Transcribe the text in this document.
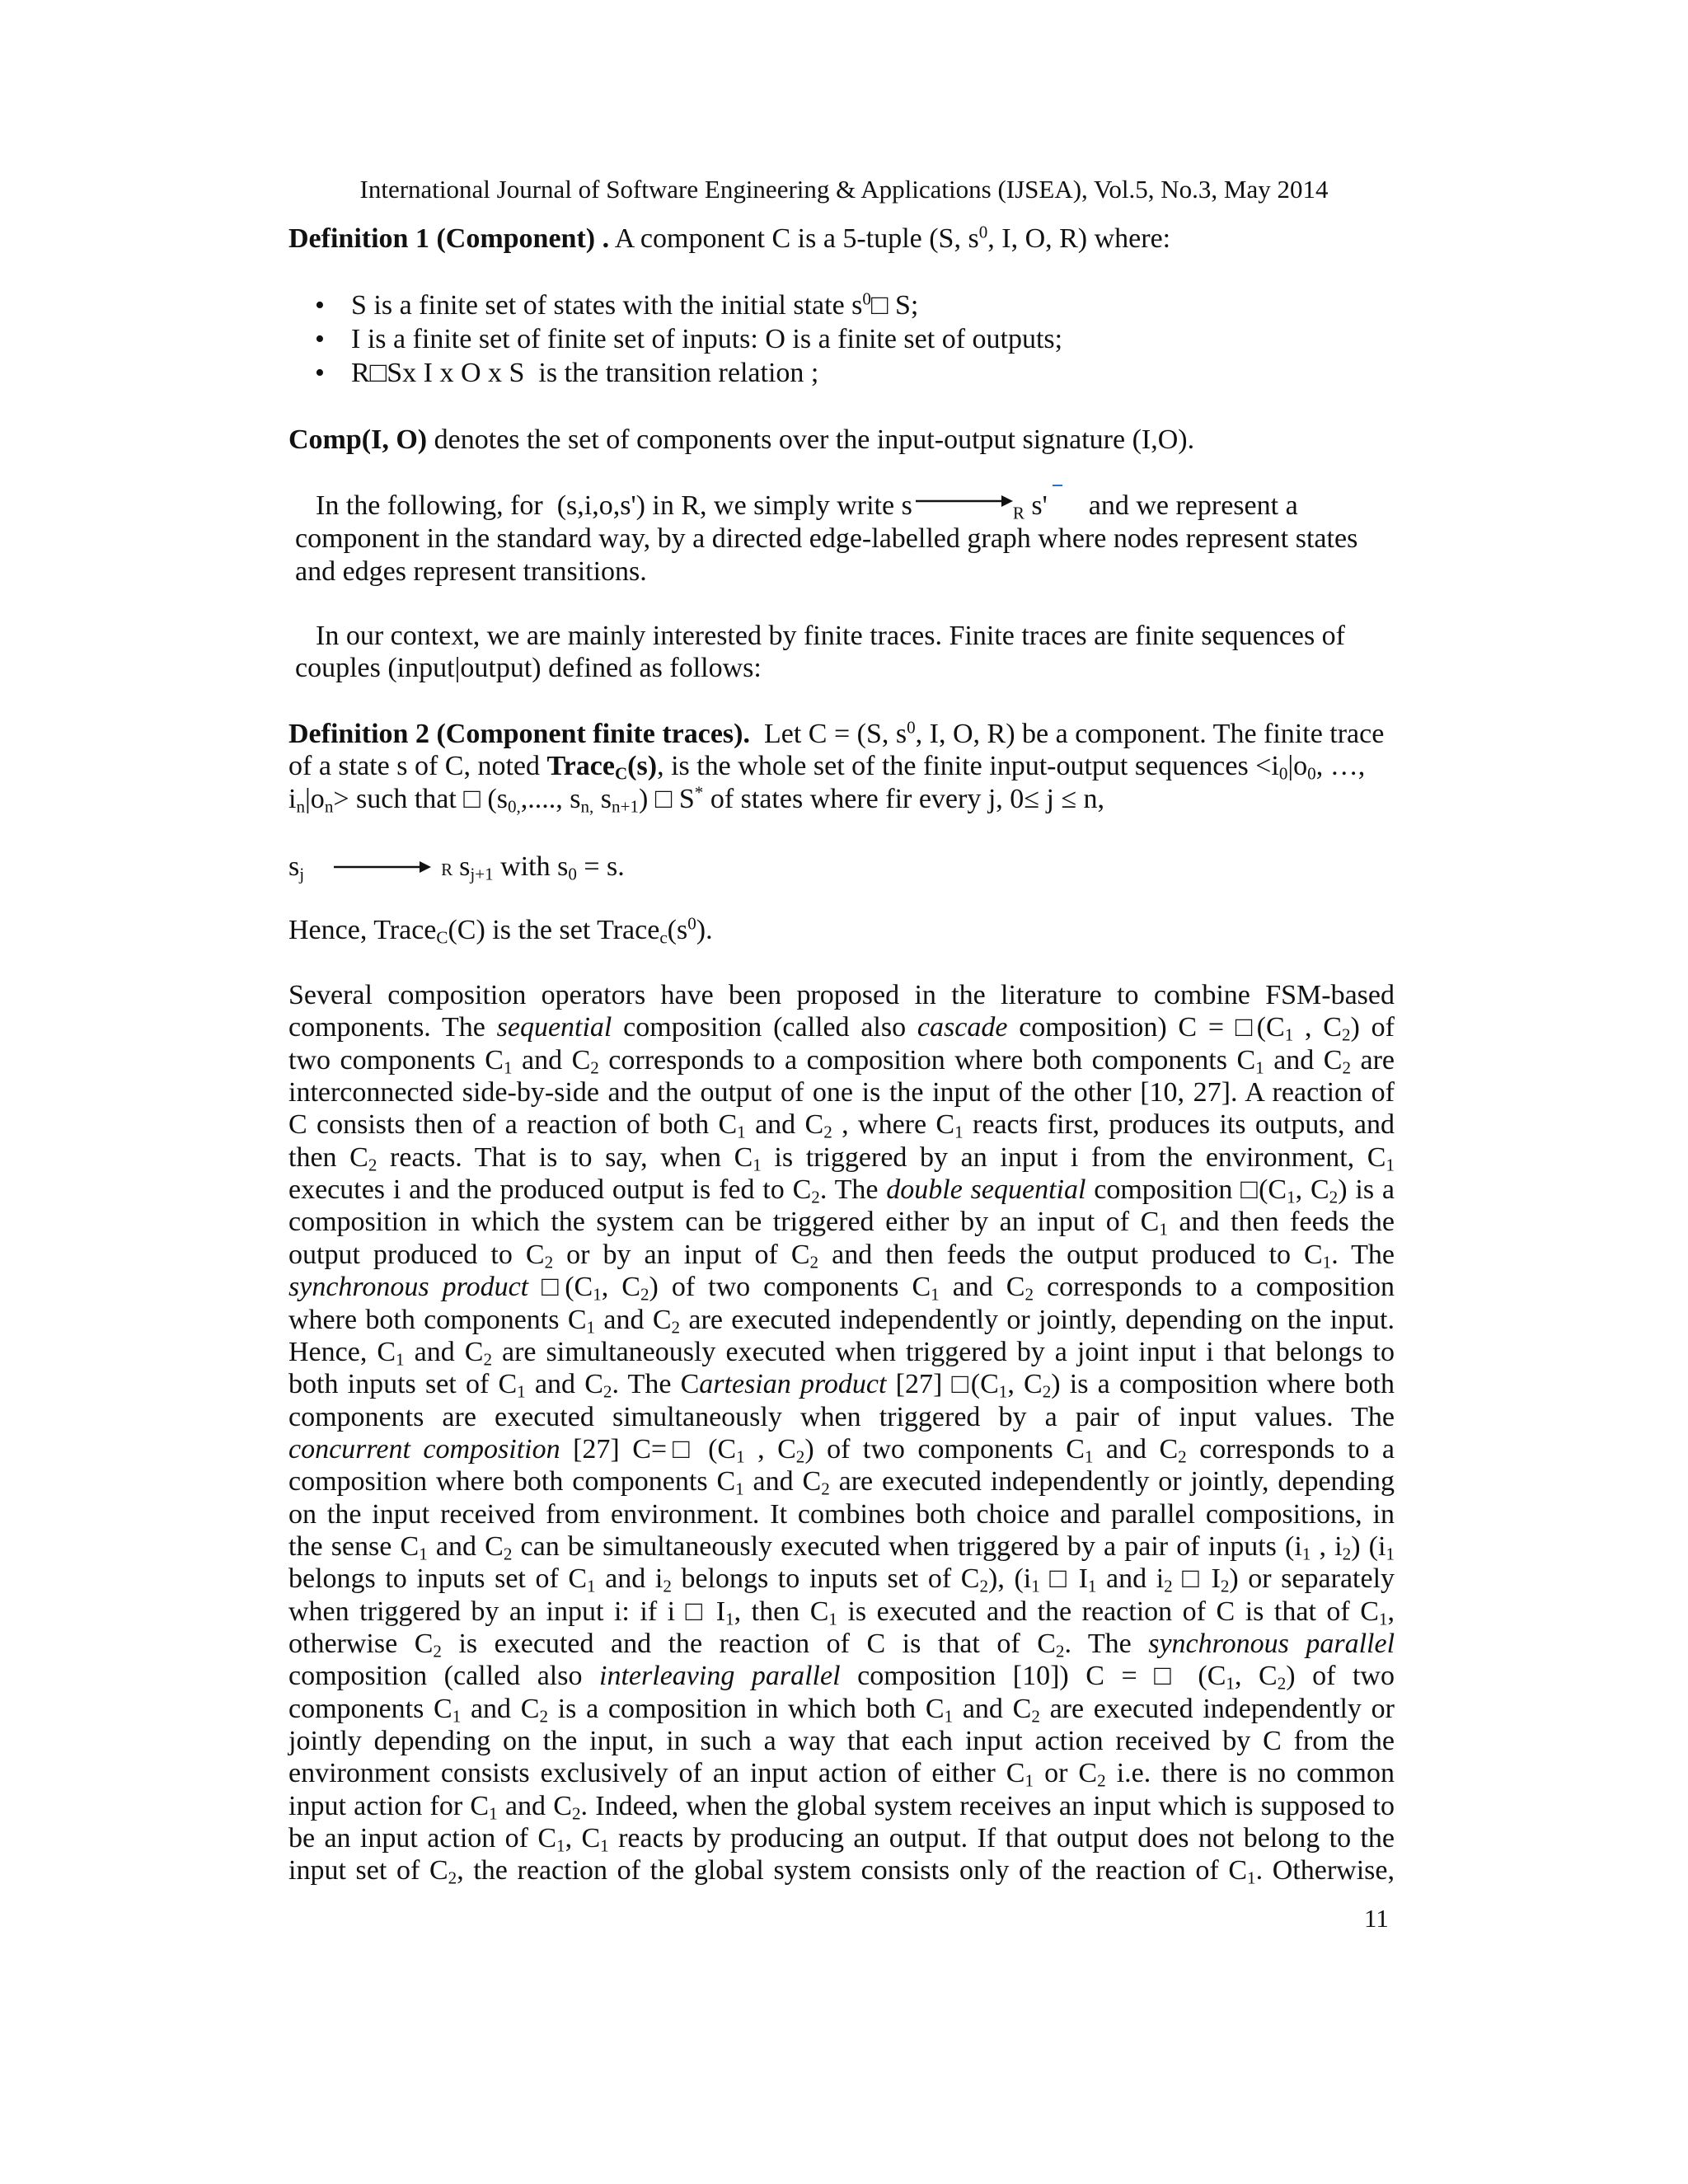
International Journal of Software Engineering & Applications (IJSEA), Vol.5, No.3, May 2014
Definition 1 (Component) . A component C is a 5-tuple (S, $s^0$, I, O, R) where:
• S is a finite set of states with the initial state $s^0□$ S;
• I is a finite set of finite set of inputs: O is a finite set of outputs;
• R□Sx I x O x S  is the transition relation ;
Comp(I, O) denotes the set of components over the input-output signature (I,O).
In the following, for  (s,i,o,s') in R, we simply write s	$_R$ s' and we represent a
component in the standard way, by a directed edge-labelled graph where nodes represent states
and edges represent transitions.
In our context, we are mainly interested by finite traces. Finite traces are finite sequences of
couples (input|output) defined as follows:
Definition 2 (Component finite traces).  Let C = (S, $s^0$, I, O, R) be a component. The finite trace
of a state s of C, noted Trace$_C$(s), is the whole set of the finite input-output sequences $<i_0|o_0$, …,
$i_n|o_n>$ such that □ ($s_{0,}$,...., $s_{n,}$ $s_{n+1}$) □ S* of states where fir every j, 0≤ j ≤ n,
$s_j$	R $s_{j+1}$ with $s_0 = s$.
Hence, Trace$_C$(C) is the set $Trace_c(s^0)$.
Several composition operators have been proposed in the literature to combine FSM-based
components. The sequential composition (called also cascade composition) $C = □(C_1$ , $C_2$) of
two components $C_1$ and $C_2$ corresponds to a composition where both components $C_1$ and $C_2$ are
interconnected side-by-side and the output of one is the input of the other [10, 27]. A reaction of
C consists then of a reaction of both $C_1$ and $C_2$ , where $C_1$ reacts first, produces its outputs, and
then $C_2$ reacts. That is to say, when $C_1$ is triggered by an input i from the environment, $C_1$
executes i and the produced output is fed to $C_2$. The double sequential composition $□(C_1$, $C_2$) is a
composition in which the system can be triggered either by an input of $C_1$ and then feeds the
output produced to $C_2$ or by an input of $C_2$ and then feeds the output produced to $C_1$. The
synchronous product $□(C_1$, $C_2$) of two components $C_1$ and $C_2$ corresponds to a composition
where both components $C_1$ and $C_2$ are executed independently or jointly, depending on the input.
Hence, $C_1$ and $C_2$ are simultaneously executed when triggered by a joint input i that belongs to
both inputs set of $C_1$ and $C_2$. The Cartesian product [27] $□(C_1$, $C_2$) is a composition where both
components are executed simultaneously when triggered by a pair of input values. The
concurrent composition [27] C=□ ($C_1$ , $C_2$) of two components $C_1$ and $C_2$ corresponds to a
composition where both components $C_1$ and $C_2$ are executed independently or jointly, depending
on the input received from environment. It combines both choice and parallel compositions, in
the sense $C_1$ and $C_2$ can be simultaneously executed when triggered by a pair of inputs ($i_1$ , $i_2$) ($i_1$
belongs to inputs set of $C_1$ and $i_2$ belongs to inputs set of $C_2$), ($i_1$ □ $I_1$ and $i_2$ □ $I_2$) or separately
when triggered by an input i: if i □ $I_1$, then $C_1$ is executed and the reaction of C is that of $C_1$,
otherwise $C_2$ is executed and the reaction of C is that of $C_2$. The synchronous parallel
composition (called also interleaving parallel composition [10]) C = □ ($C_1$, $C_2$) of two
components $C_1$ and $C_2$ is a composition in which both $C_1$ and $C_2$ are executed independently or
jointly depending on the input, in such a way that each input action received by C from the
environment consists exclusively of an input action of either $C_1$ or $C_2$ i.e. there is no common
input action for $C_1$ and $C_2$. Indeed, when the global system receives an input which is supposed to
be an input action of $C_1$, $C_1$ reacts by producing an output. If that output does not belong to the
input set of $C_2$, the reaction of the global system consists only of the reaction of $C_1$. Otherwise,
11
